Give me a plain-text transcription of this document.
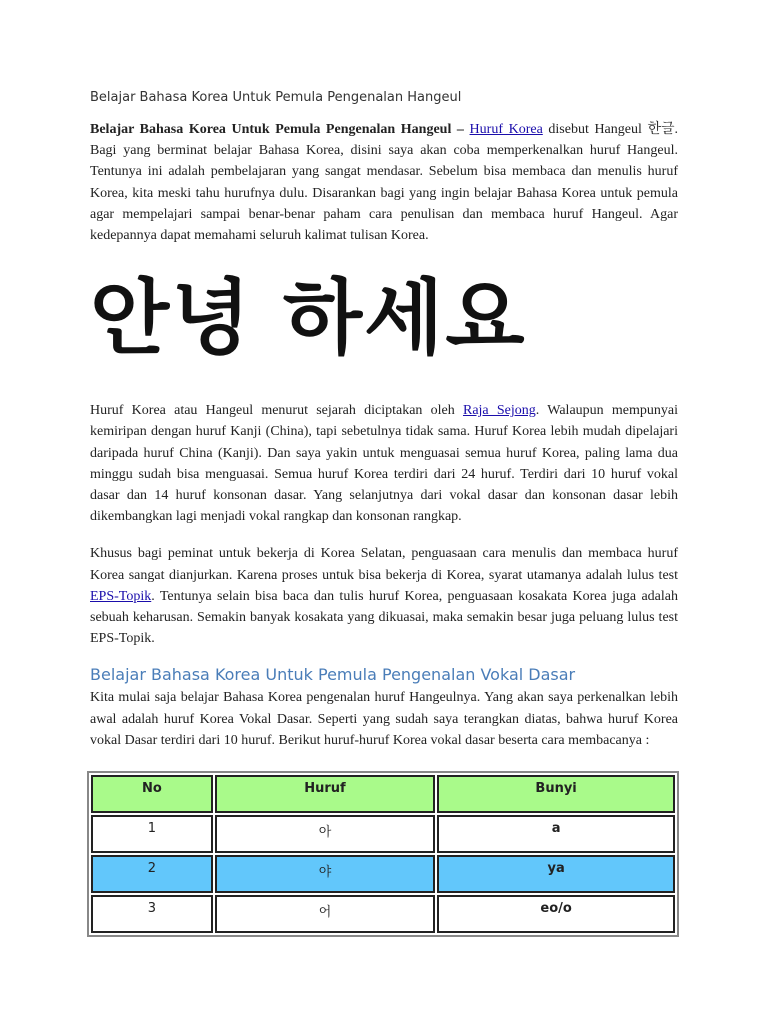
Belajar Bahasa Korea Untuk Pemula Pengenalan Hangeul

Belajar Bahasa Korea Untuk Pemula Pengenalan Hangeul – Huruf Korea disebut Hangeul 한글. Bagi yang berminat belajar Bahasa Korea, disini saya akan coba memperkenalkan huruf Hangeul. Tentunya ini adalah pembelajaran yang sangat mendasar. Sebelum bisa membaca dan menulis huruf Korea, kita meski tahu hurufnya dulu. Disarankan bagi yang ingin belajar Bahasa Korea untuk pemula agar mempelajari sampai benar-benar paham cara penulisan dan membaca huruf Hangeul. Agar kedepannya dapat memahami seluruh kalimat tulisan Korea.

안녕 하세요

Huruf Korea atau Hangeul menurut sejarah diciptakan oleh Raja Sejong. Walaupun mempunyai kemiripan dengan huruf Kanji (China), tapi sebetulnya tidak sama. Huruf Korea lebih mudah dipelajari daripada huruf China (Kanji). Dan saya yakin untuk menguasai semua huruf Korea, paling lama dua minggu sudah bisa menguasai. Semua huruf Korea terdiri dari 24 huruf. Terdiri dari 10 huruf vokal dasar dan 14 huruf konsonan dasar. Yang selanjutnya dari vokal dasar dan konsonan dasar lebih dikembangkan lagi menjadi vokal rangkap dan konsonan rangkap.

Khusus bagi peminat untuk bekerja di Korea Selatan, penguasaan cara menulis dan membaca huruf Korea sangat dianjurkan. Karena proses untuk bisa bekerja di Korea, syarat utamanya adalah lulus test EPS-Topik. Tentunya selain bisa baca dan tulis huruf Korea, penguasaan kosakata Korea juga adalah sebuah keharusan. Semakin banyak kosakata yang dikuasai, maka semakin besar juga peluang lulus test EPS-Topik.

Belajar Bahasa Korea Untuk Pemula Pengenalan Vokal Dasar

Kita mulai saja belajar Bahasa Korea pengenalan huruf Hangeulnya. Yang akan saya perkenalkan lebih awal adalah huruf Korea Vokal Dasar. Seperti yang sudah saya terangkan diatas, bahwa huruf Korea vokal Dasar terdiri dari 10 huruf. Berikut huruf-huruf Korea vokal dasar beserta cara membacanya :

No	Huruf	Bunyi
1	아	a
2	야	ya
3	어	eo/o
